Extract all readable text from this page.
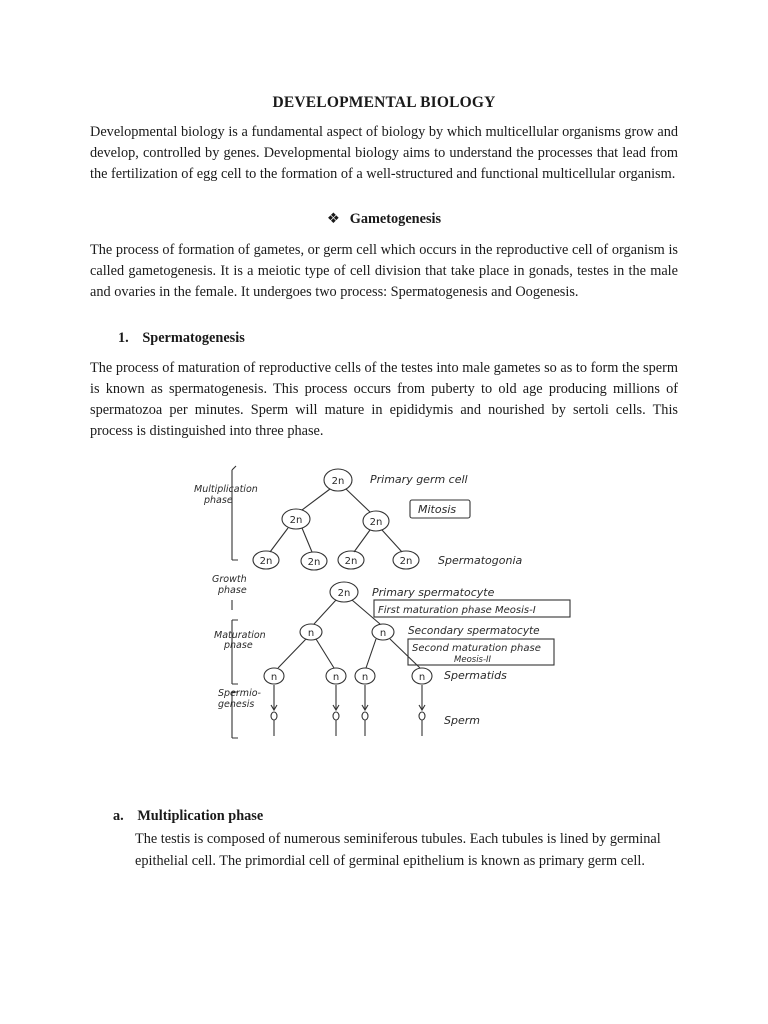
DEVELOPMENTAL BIOLOGY

Developmental biology is a fundamental aspect of biology by which multicellular organisms grow and develop, controlled by genes. Developmental biology aims to understand the processes that lead from the fertilization of egg cell to the formation of a well-structured and functional multicellular organism.

❖ Gametogenesis

The process of formation of gametes, or germ cell which occurs in the reproductive cell of organism is called gametogenesis. It is a meiotic type of cell division that take place in gonads, testes in the male and ovaries in the female. It undergoes two process: Spermatogenesis and Oogenesis.

1. Spermatogenesis

The process of maturation of reproductive cells of the testes into male gametes so as to form the sperm is known as spermatogenesis. This process occurs from puberty to old age producing millions of spermatozoa per minutes. Sperm will mature in epididymis and nourished by sertoli cells. This process is distinguished into three phase.

2n
2n	2n
2n	2n 2n	2n
2n
n	n
n	n n	n
Multiplication
phase
Growth
phase
Maturation
phase
Spermio-
genesis
Primary germ cell
Mitosis
Spermatogonia
Primary spermatocyte
First maturation phase Meosis-I
Secondary spermatocyte
Second maturation phase
Meosis-II
Spermatids
Sperm
a. Multiplication phase

The testis is composed of numerous seminiferous tubules. Each tubules is lined by germinal epithelial cell. The primordial cell of germinal epithelium is known as primary germ cell.
